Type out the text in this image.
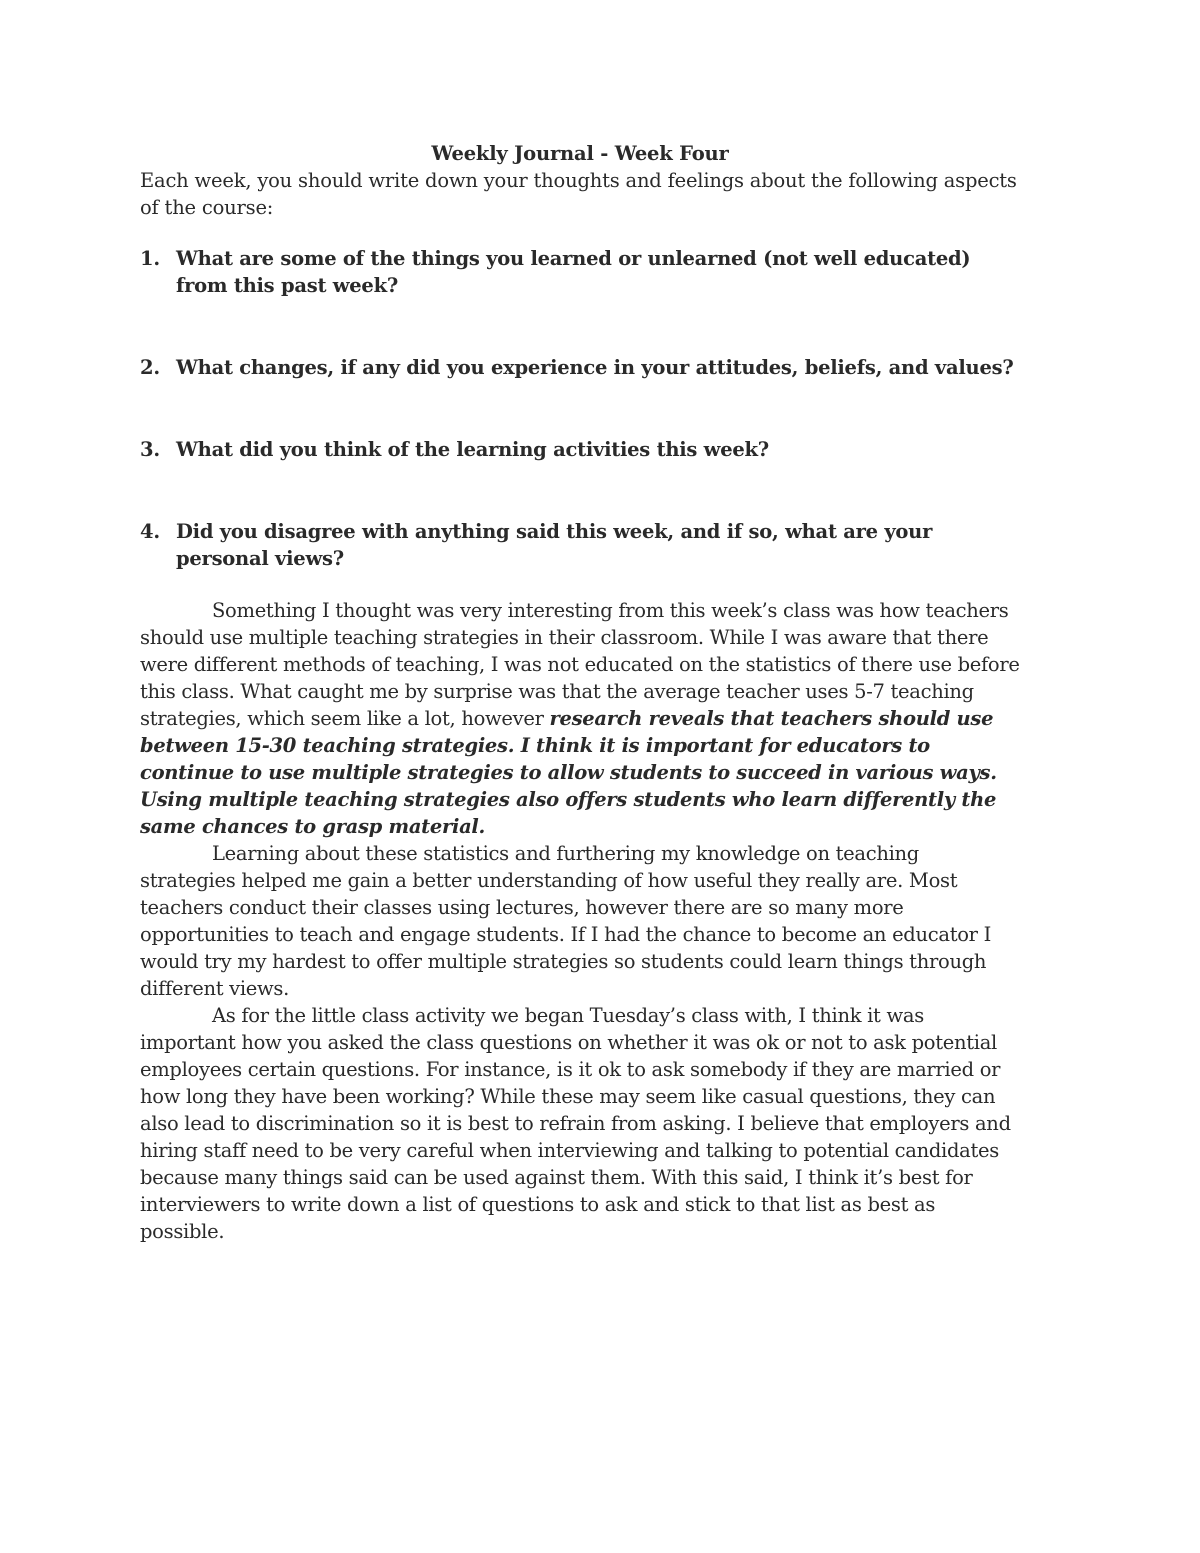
Weekly Journal - Week Four

Each week, you should write down your thoughts and feelings about the following aspects of the course:

1. What are some of the things you learned or unlearned (not well educated) from this past week?
2. What changes, if any did you experience in your attitudes, beliefs, and values?
3. What did you think of the learning activities this week?
4. Did you disagree with anything said this week, and if so, what are your personal views?

Something I thought was very interesting from this week’s class was how teachers should use multiple teaching strategies in their classroom. While I was aware that there were different methods of teaching, I was not educated on the statistics of there use before this class. What caught me by surprise was that the average teacher uses 5-7 teaching strategies, which seem like a lot, however research reveals that teachers should use between 15-30 teaching strategies. I think it is important for educators to continue to use multiple strategies to allow students to succeed in various ways. Using multiple teaching strategies also offers students who learn differently the same chances to grasp material.

Learning about these statistics and furthering my knowledge on teaching strategies helped me gain a better understanding of how useful they really are. Most teachers conduct their classes using lectures, however there are so many more opportunities to teach and engage students. If I had the chance to become an educator I would try my hardest to offer multiple strategies so students could learn things through different views.

As for the little class activity we began Tuesday’s class with, I think it was important how you asked the class questions on whether it was ok or not to ask potential employees certain questions. For instance, is it ok to ask somebody if they are married or how long they have been working? While these may seem like casual questions, they can also lead to discrimination so it is best to refrain from asking. I believe that employers and hiring staff need to be very careful when interviewing and talking to potential candidates because many things said can be used against them. With this said, I think it’s best for interviewers to write down a list of questions to ask and stick to that list as best as possible.
